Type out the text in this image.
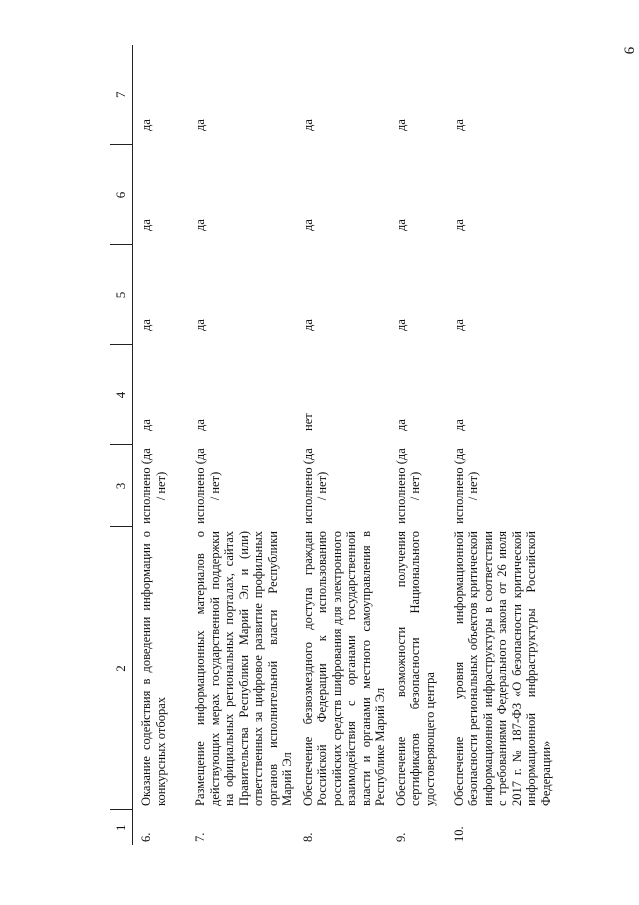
9
1	2	3	4	5	6	7
6.	Оказание содействия в доведении информации о конкурсных отборах	исполнено (да / нет)	да	да	да	да
7.	Размещение информационных материалов о действующих мерах государственной поддержки на официальных региональных порталах, сайтах Правительства Республики Марий Эл и (или) ответственных за цифровое развитие профильных органов исполнительной власти Республики Марий Эл	исполнено (да / нет)	да	да	да	да
8.	Обеспечение безвозмездного доступа граждан Российской Федерации к использованию российских средств шифрования для электронного взаимодействия с органами государственной власти и органами местного самоуправления в Республике Марий Эл	исполнено (да / нет)	нет	да	да	да
9.	Обеспечение возможности получения сертификатов безопасности Национального удостоверяющего центра	исполнено (да / нет)	да	да	да	да
10.	Обеспечение уровня информационной безопасности региональных объектов критической информационной инфраструктуры в соответствии с требованиями Федерального закона от 26 июля 2017 г. № 187-ФЗ «О безопасности критической информационной инфраструктуры Российской Федерации»	исполнено (да / нет)	да	да	да	да
